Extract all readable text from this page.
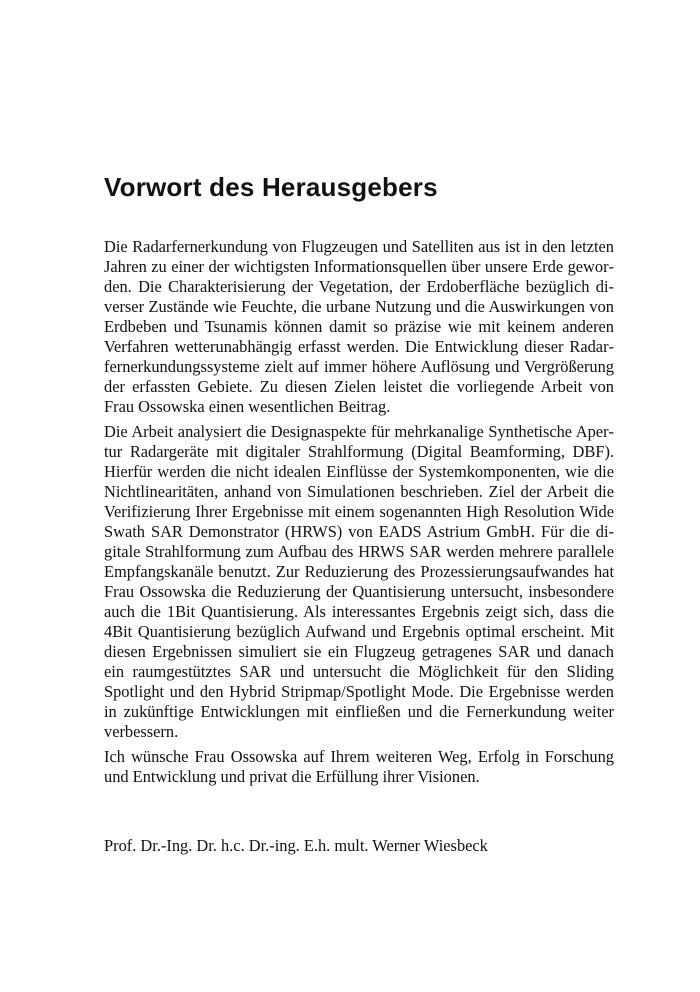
Vorwort des Herausgebers

Die Radarfernerkundung von Flugzeugen und Satelliten aus ist in den letzten Jahren zu einer der wichtigsten Informationsquellen über unsere Erde geworden. Die Charakterisierung der Vegetation, der Erdoberfläche bezüglich diverser Zustände wie Feuchte, die urbane Nutzung und die Auswirkungen von Erdbeben und Tsunamis können damit so präzise wie mit keinem anderen Verfahren wetterunabhängig erfasst werden. Die Entwicklung dieser Radarfernerkundungssysteme zielt auf immer höhere Auflösung und Vergrößerung der erfassten Gebiete. Zu diesen Zielen leistet die vorliegende Arbeit von Frau Ossowska einen wesentlichen Beitrag.

Die Arbeit analysiert die Designaspekte für mehrkanalige Synthetische Apertur Radargeräte mit digitaler Strahlformung (Digital Beamforming, DBF). Hierfür werden die nicht idealen Einflüsse der Systemkomponenten, wie die Nichtlinearitäten, anhand von Simulationen beschrieben. Ziel der Arbeit die Verifizierung Ihrer Ergebnisse mit einem sogenannten High Resolution Wide Swath SAR Demonstrator (HRWS) von EADS Astrium GmbH. Für die digitale Strahlformung zum Aufbau des HRWS SAR werden mehrere parallele Empfangskanäle benutzt. Zur Reduzierung des Prozessierungsaufwandes hat Frau Ossowska die Reduzierung der Quantisierung untersucht, insbesondere auch die 1Bit Quantisierung. Als interessantes Ergebnis zeigt sich, dass die 4Bit Quantisierung bezüglich Aufwand und Ergebnis optimal erscheint. Mit diesen Ergebnissen simuliert sie ein Flugzeug getragenes SAR und danach ein raumgestütztes SAR und untersucht die Möglichkeit für den Sliding Spotlight und den Hybrid Stripmap/Spotlight Mode. Die Ergebnisse werden in zukünftige Entwicklungen mit einfließen und die Fernerkundung weiter verbessern.

Ich wünsche Frau Ossowska auf Ihrem weiteren Weg, Erfolg in Forschung und Entwicklung und privat die Erfüllung ihrer Visionen.

Prof. Dr.-Ing. Dr. h.c. Dr.-ing. E.h. mult. Werner Wiesbeck
